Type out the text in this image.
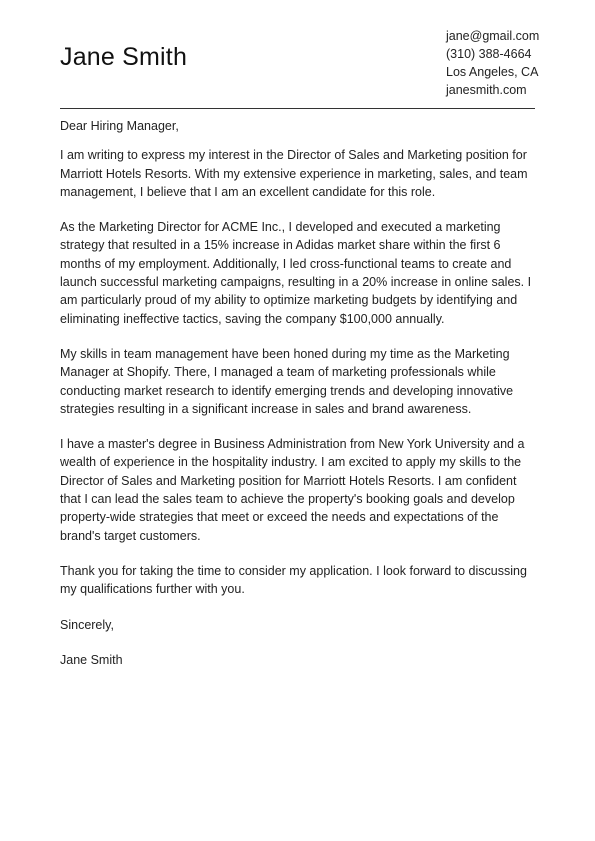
Jane Smith
jane@gmail.com
(310) 388-4664
Los Angeles, CA
janesmith.com

Dear Hiring Manager,

I am writing to express my interest in the Director of Sales and Marketing position for Marriott Hotels Resorts. With my extensive experience in marketing, sales, and team management, I believe that I am an excellent candidate for this role.

As the Marketing Director for ACME Inc., I developed and executed a marketing strategy that resulted in a 15% increase in Adidas market share within the first 6 months of my employment. Additionally, I led cross-functional teams to create and launch successful marketing campaigns, resulting in a 20% increase in online sales. I am particularly proud of my ability to optimize marketing budgets by identifying and eliminating ineffective tactics, saving the company $100,000 annually.

My skills in team management have been honed during my time as the Marketing Manager at Shopify. There, I managed a team of marketing professionals while conducting market research to identify emerging trends and developing innovative strategies resulting in a significant increase in sales and brand awareness.

I have a master's degree in Business Administration from New York University and a wealth of experience in the hospitality industry. I am excited to apply my skills to the Director of Sales and Marketing position for Marriott Hotels Resorts. I am confident that I can lead the sales team to achieve the property's booking goals and develop property-wide strategies that meet or exceed the needs and expectations of the brand's target customers.

Thank you for taking the time to consider my application. I look forward to discussing my qualifications further with you.

Sincerely,

Jane Smith
